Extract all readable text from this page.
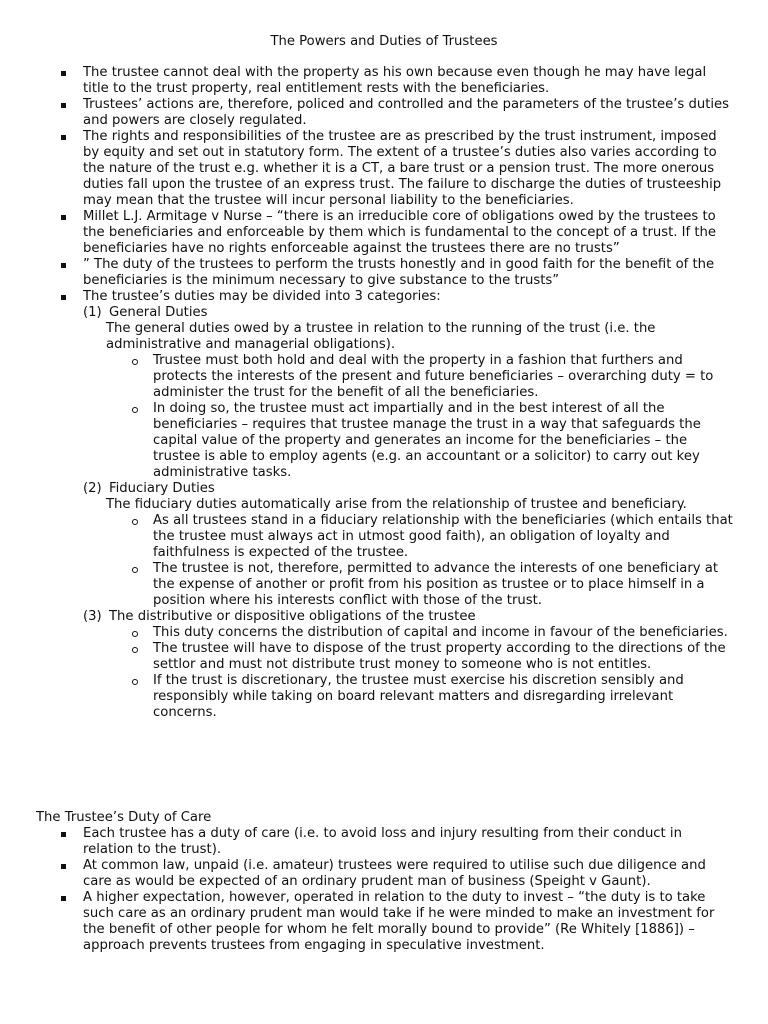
The Powers and Duties of Trustees
The trustee cannot deal with the property as his own because even though he may have legal title to the trust property, real entitlement rests with the beneficiaries.
Trustees’ actions are, therefore, policed and controlled and the parameters of the trustee’s duties and powers are closely regulated.
The rights and responsibilities of the trustee are as prescribed by the trust instrument, imposed by equity and set out in statutory form. The extent of a trustee’s duties also varies according to the nature of the trust e.g. whether it is a CT, a bare trust or a pension trust. The more onerous duties fall upon the trustee of an express trust. The failure to discharge the duties of trusteeship may mean that the trustee will incur personal liability to the beneficiaries.
Millet L.J. Armitage v Nurse – “there is an irreducible core of obligations owed by the trustees to the beneficiaries and enforceable by them which is fundamental to the concept of a trust. If the beneficiaries have no rights enforceable against the trustees there are no trusts”
” The duty of the trustees to perform the trusts honestly and in good faith for the benefit of the beneficiaries is the minimum necessary to give substance to the trusts”
The trustee’s duties may be divided into 3 categories:
(1) General Duties
The general duties owed by a trustee in relation to the running of the trust (i.e. the administrative and managerial obligations).
Trustee must both hold and deal with the property in a fashion that furthers and protects the interests of the present and future beneficiaries – overarching duty = to administer the trust for the benefit of all the beneficiaries.
In doing so, the trustee must act impartially and in the best interest of all the beneficiaries – requires that trustee manage the trust in a way that safeguards the capital value of the property and generates an income for the beneficiaries – the trustee is able to employ agents (e.g. an accountant or a solicitor) to carry out key administrative tasks.
(2) Fiduciary Duties
The fiduciary duties automatically arise from the relationship of trustee and beneficiary.
As all trustees stand in a fiduciary relationship with the beneficiaries (which entails that the trustee must always act in utmost good faith), an obligation of loyalty and faithfulness is expected of the trustee.
The trustee is not, therefore, permitted to advance the interests of one beneficiary at the expense of another or profit from his position as trustee or to place himself in a position where his interests conflict with those of the trust.
(3) The distributive or dispositive obligations of the trustee
This duty concerns the distribution of capital and income in favour of the beneficiaries.
The trustee will have to dispose of the trust property according to the directions of the settlor and must not distribute trust money to someone who is not entitles.
If the trust is discretionary, the trustee must exercise his discretion sensibly and responsibly while taking on board relevant matters and disregarding irrelevant concerns.
The Trustee’s Duty of Care
Each trustee has a duty of care (i.e. to avoid loss and injury resulting from their conduct in relation to the trust).
At common law, unpaid (i.e. amateur) trustees were required to utilise such due diligence and care as would be expected of an ordinary prudent man of business (Speight v Gaunt).
A higher expectation, however, operated in relation to the duty to invest – “the duty is to take such care as an ordinary prudent man would take if he were minded to make an investment for the benefit of other people for whom he felt morally bound to provide” (Re Whitely [1886]) –approach prevents trustees from engaging in speculative investment.
